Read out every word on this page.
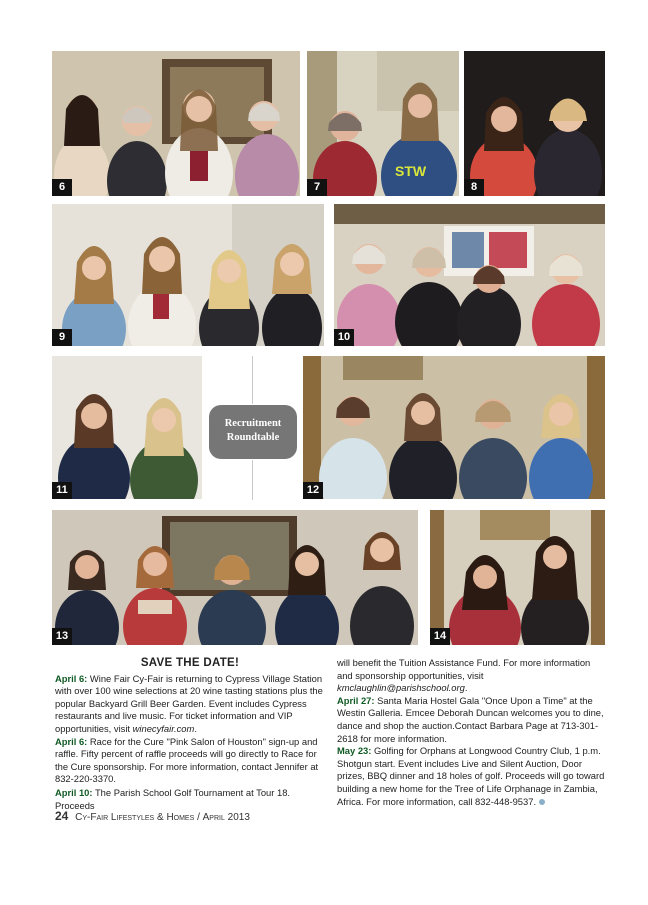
6
STW
7	8
9	10
11
Recruitment
Roundtable
12
13	14
SAVE THE DATE!

April 6: Wine Fair Cy-Fair is returning to Cypress Village Station with over 100 wine selections at 20 wine tasting stations plus the popular Backyard Grill Beer Garden. Event includes Cypress restaurants and live music. For ticket information and VIP opportunities, visit winecyfair.com.

April 6: Race for the Cure "Pink Salon of Houston" sign-up and raffle. Fifty percent of raffle proceeds will go directly to Race for the Cure sponsorship. For more information, contact Jennifer at 832-220-3370.

April 10: The Parish School Golf Tournament at Tour 18. Proceeds

will benefit the Tuition Assistance Fund. For more information and sponsorship opportunities, visit kmclaughlin@parishschool.org.

April 27: Santa Maria Hostel Gala "Once Upon a Time" at the Westin Galleria. Emcee Deborah Duncan welcomes you to dine, dance and shop the auction.Contact Barbara Page at 713-301-2618 for more information.

May 23: Golfing for Orphans at Longwood Country Club, 1 p.m. Shotgun start. Event includes Live and Silent Auction, Door prizes, BBQ dinner and 18 holes of golf. Proceeds will go toward building a new home for the Tree of Life Orphanage in Zambia, Africa. For more information, call 832-448-9537.

24 Cy-Fair Lifestyles & Homes / April 2013
